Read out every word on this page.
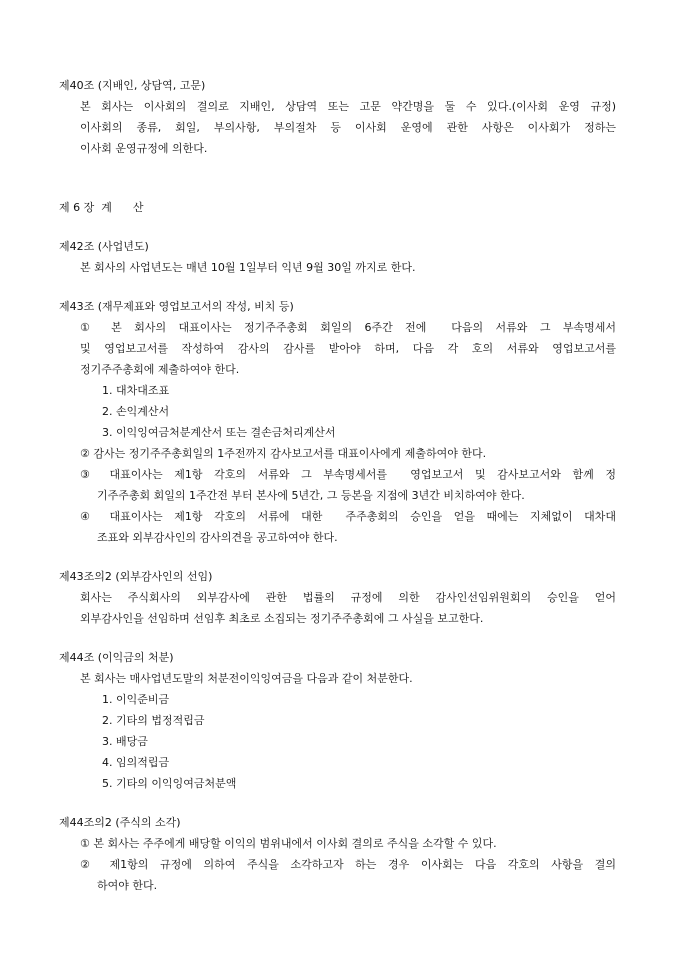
제40조 (지배인, 상담역, 고문)
본 회사는 이사회의 결의로 지배인, 상담역 또는 고문 약간명을 둘 수 있다.(이사회 운영 규정)
이사회의 종류, 회일, 부의사항, 부의절차 등 이사회 운영에 관한 사항은 이사회가 정하는
이사회 운영규정에 의한다.
제 6 장  계      산
제42조 (사업년도)
본 회사의 사업년도는 매년 10월 1일부터 익년 9월 30일 까지로 한다.
제43조 (재무제표와 영업보고서의 작성, 비치 등)
① 본 회사의 대표이사는 정기주주총회 회일의 6주간 전에  다음의 서류와 그 부속명세서
및 영업보고서를 작성하여 감사의 감사를 받아야 하며, 다음 각 호의 서류와 영업보고서를
정기주주총회에 제출하여야 한다.
1. 대차대조표
2. 손익계산서
3. 이익잉여금처분계산서 또는 결손금처리계산서
② 감사는 정기주주총회일의 1주전까지 감사보고서를 대표이사에게 제출하여야 한다.
③ 대표이사는 제1항 각호의 서류와 그 부속명세서를  영업보고서 및 감사보고서와 함께 정
기주주총회 회일의 1주간전 부터 본사에 5년간, 그 등본을 지점에 3년간 비치하여야 한다.
④ 대표이사는 제1항 각호의 서류에 대한  주주총회의 승인을 얻을 때에는 지체없이 대차대
조표와 외부감사인의 감사의견을 공고하여야 한다.
제43조의2 (외부감사인의 선임)
회사는 주식회사의 외부감사에 관한 법률의 규정에 의한 감사인선임위원회의 승인을 얻어
외부감사인을 선임하며 선임후 최초로 소집되는 정기주주총회에 그 사실을 보고한다.
제44조 (이익금의 처분)
본 회사는 매사업년도말의 처분전이익잉여금을 다음과 같이 처분한다.
1. 이익준비금
2. 기타의 법정적립금
3. 배당금
4. 임의적립금
5. 기타의 이익잉여금처분액
제44조의2 (주식의 소각)
① 본 회사는 주주에게 배당할 이익의 범위내에서 이사회 결의로 주식을 소각할 수 있다.
② 제1항의 규정에 의하여 주식을 소각하고자 하는 경우 이사회는 다음 각호의 사항을 결의
하여야 한다.
